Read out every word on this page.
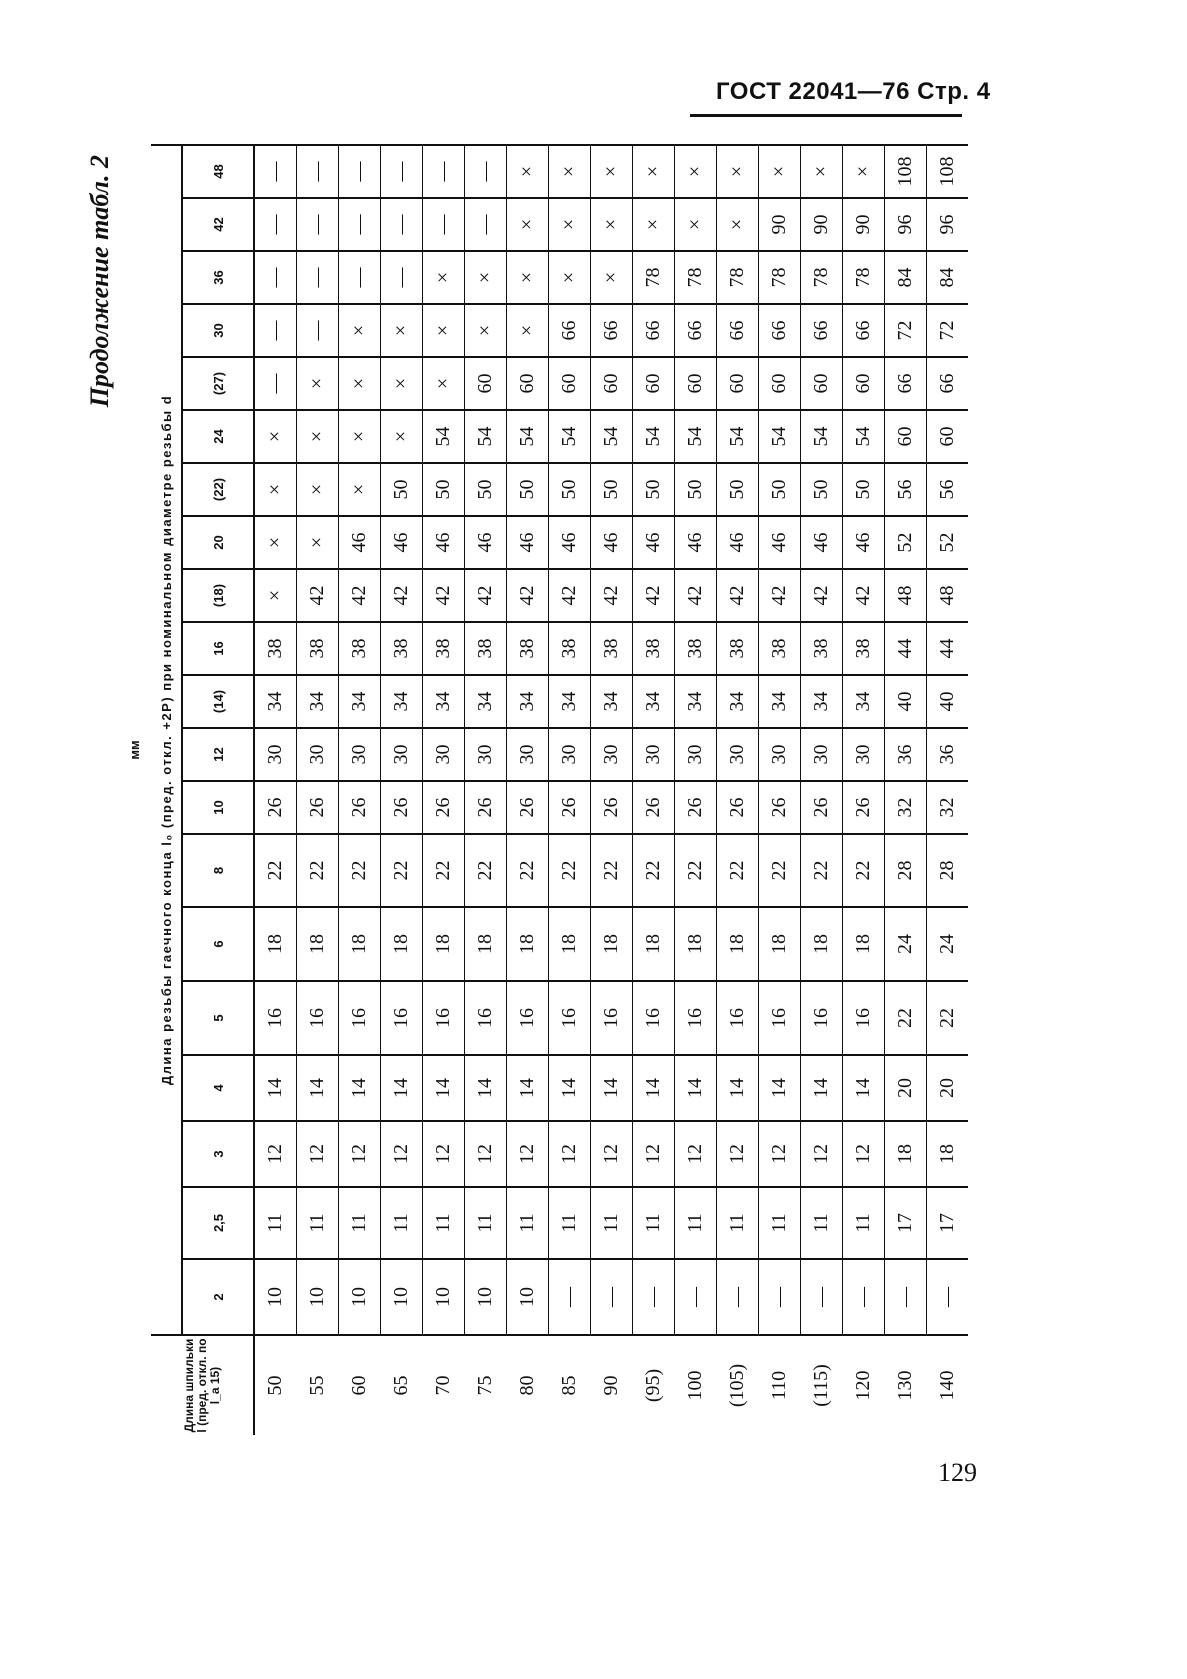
ГОСТ 22041—76 Стр. 4
Продолжение табл. 2
мм
Длина шпильки l (пред. откл. по l_a 15)	Длина резьбы гаечного конца l₀ (пред. откл. +2P) при номинальном диаметре резьбы d																			
	2	2,5	3	4	5	6	8	10	12	(14)	16	(18)	20	(22)	24	(27)	30	36	42	48
50	10	11	12	14	16	18	22	26	30	34	38	×	×	×	×	—	—	—	—	—
55	10	11	12	14	16	18	22	26	30	34	38	42	×	×	×	×	—	—	—	—
60	10	11	12	14	16	18	22	26	30	34	38	42	46	×	×	×	×	—	—	—
65	10	11	12	14	16	18	22	26	30	34	38	42	46	50	×	×	×	—	—	—
70	10	11	12	14	16	18	22	26	30	34	38	42	46	50	54	×	×	×	—	—
75	10	11	12	14	16	18	22	26	30	34	38	42	46	50	54	60	×	×	—	—
80	10	11	12	14	16	18	22	26	30	34	38	42	46	50	54	60	×	×	×	×
85	—	11	12	14	16	18	22	26	30	34	38	42	46	50	54	60	66	×	×	×
90	—	11	12	14	16	18	22	26	30	34	38	42	46	50	54	60	66	×	×	×
(95)	—	11	12	14	16	18	22	26	30	34	38	42	46	50	54	60	66	78	×	×
100	—	11	12	14	16	18	22	26	30	34	38	42	46	50	54	60	66	78	×	×
(105)	—	11	12	14	16	18	22	26	30	34	38	42	46	50	54	60	66	78	×	×
110	—	11	12	14	16	18	22	26	30	34	38	42	46	50	54	60	66	78	90	×
(115)	—	11	12	14	16	18	22	26	30	34	38	42	46	50	54	60	66	78	90	×
120	—	11	12	14	16	18	22	26	30	34	38	42	46	50	54	60	66	78	90	×
130	—	17	18	20	22	24	28	32	36	40	44	48	52	56	60	66	72	84	96	108
140	—	17	18	20	22	24	28	32	36	40	44	48	52	56	60	66	72	84	96	108
129
